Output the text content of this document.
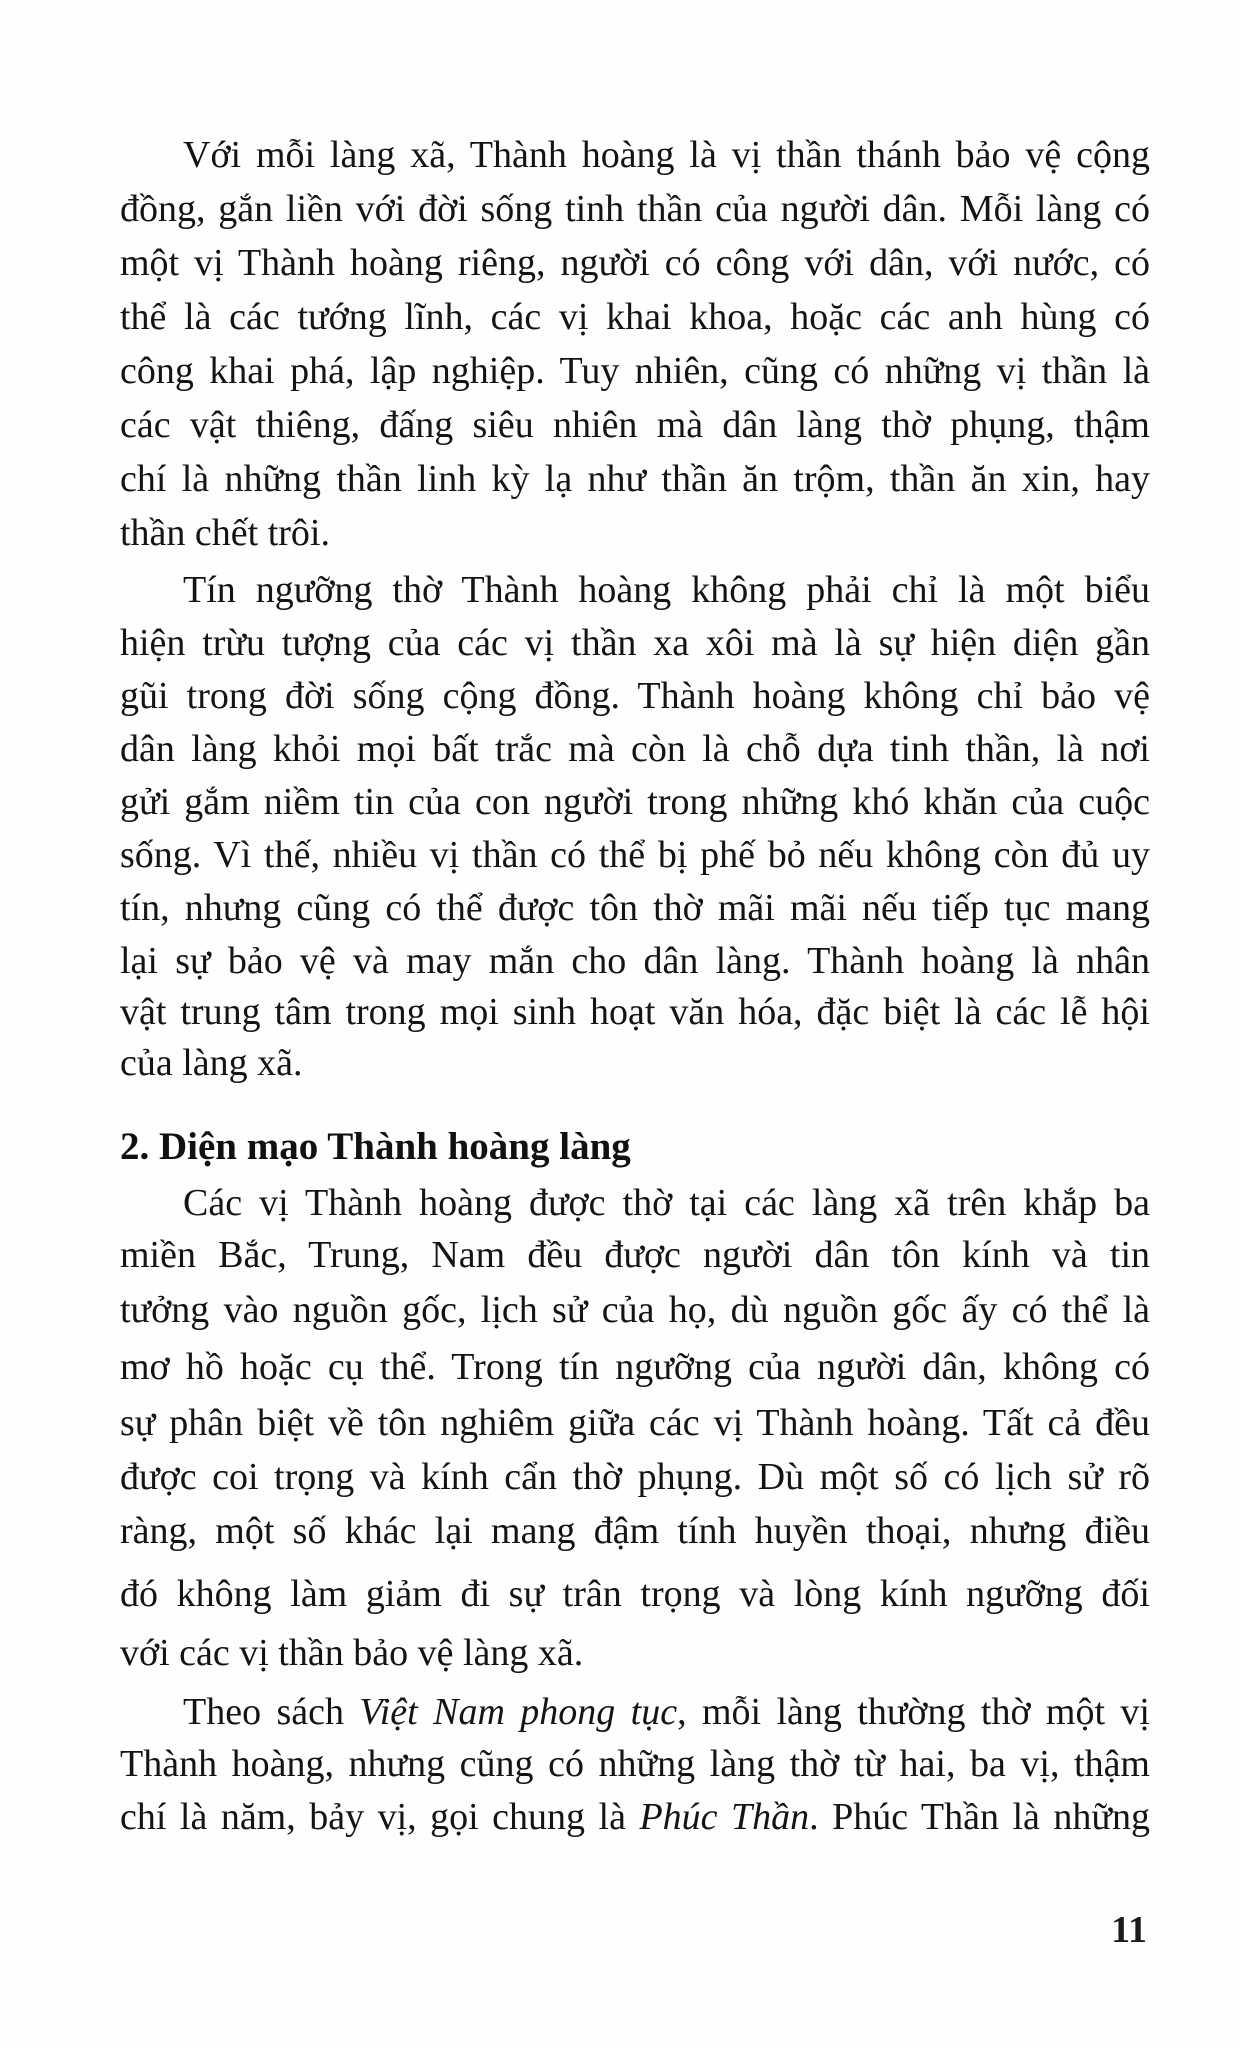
Với mỗi làng xã, Thành hoàng là vị thần thánh bảo vệ cộng
đồng, gắn liền với đời sống tinh thần của người dân. Mỗi làng có
một vị Thành hoàng riêng, người có công với dân, với nước, có
thể là các tướng lĩnh, các vị khai khoa, hoặc các anh hùng có
công khai phá, lập nghiệp. Tuy nhiên, cũng có những vị thần là
các vật thiêng, đấng siêu nhiên mà dân làng thờ phụng, thậm
chí là những thần linh kỳ lạ như thần ăn trộm, thần ăn xin, hay
thần chết trôi.
Tín ngưỡng thờ Thành hoàng không phải chỉ là một biểu
hiện trừu tượng của các vị thần xa xôi mà là sự hiện diện gần
gũi trong đời sống cộng đồng. Thành hoàng không chỉ bảo vệ
dân làng khỏi mọi bất trắc mà còn là chỗ dựa tinh thần, là nơi
gửi gắm niềm tin của con người trong những khó khăn của cuộc
sống. Vì thế, nhiều vị thần có thể bị phế bỏ nếu không còn đủ uy
tín, nhưng cũng có thể được tôn thờ mãi mãi nếu tiếp tục mang
lại sự bảo vệ và may mắn cho dân làng. Thành hoàng là nhân
vật trung tâm trong mọi sinh hoạt văn hóa, đặc biệt là các lễ hội
của làng xã.
2. Diện mạo Thành hoàng làng
Các vị Thành hoàng được thờ tại các làng xã trên khắp ba
miền Bắc, Trung, Nam đều được người dân tôn kính và tin
tưởng vào nguồn gốc, lịch sử của họ, dù nguồn gốc ấy có thể là
mơ hồ hoặc cụ thể. Trong tín ngưỡng của người dân, không có
sự phân biệt về tôn nghiêm giữa các vị Thành hoàng. Tất cả đều
được coi trọng và kính cẩn thờ phụng. Dù một số có lịch sử rõ
ràng, một số khác lại mang đậm tính huyền thoại, nhưng điều
đó không làm giảm đi sự trân trọng và lòng kính ngưỡng đối
với các vị thần bảo vệ làng xã.
Theo sách Việt Nam phong tục, mỗi làng thường thờ một vị
Thành hoàng, nhưng cũng có những làng thờ từ hai, ba vị, thậm
chí là năm, bảy vị, gọi chung là Phúc Thần. Phúc Thần là những
11
